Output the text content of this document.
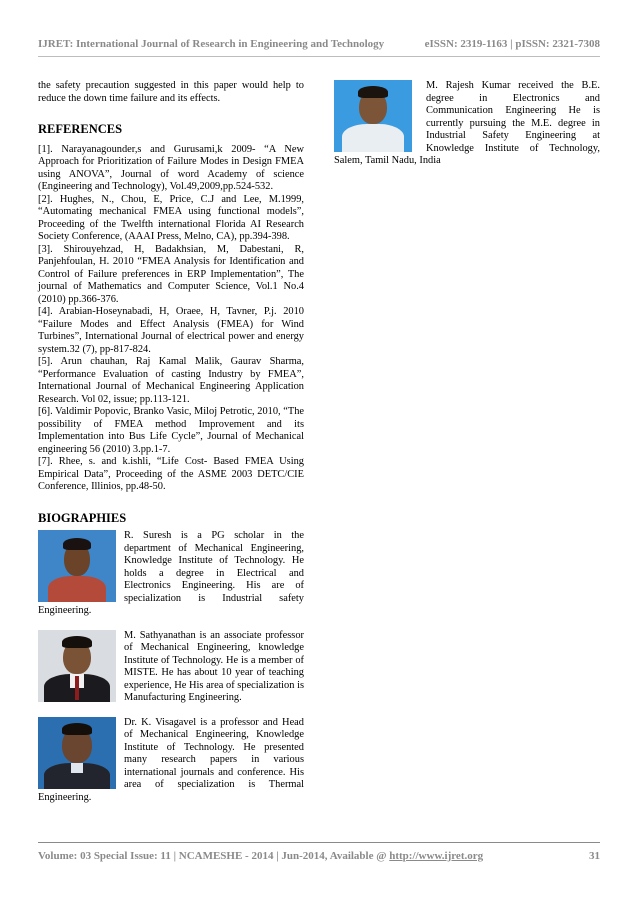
IJRET: International Journal of Research in Engineering and Technology	eISSN: 2319-1163 | pISSN: 2321-7308

the safety precaution suggested in this paper would help to reduce the down time failure and its effects.

REFERENCES

[1]. Narayanagounder,s and Gurusami,k 2009- “A New Approach for Prioritization of Failure Modes in Design FMEA using ANOVA”, Journal of word Academy of science (Engineering and Technology), Vol.49,2009,pp.524-532.

[2]. Hughes, N., Chou, E, Price, C.J and Lee, M.1999, “Automating mechanical FMEA using functional models”, Proceeding of the Twelfth international Florida AI Research Society Conference, (AAAI Press, Melno, CA), pp.394-398.

[3]. Shirouyehzad, H, Badakhsian, M, Dabestani, R, Panjehfoulan, H. 2010 “FMEA Analysis for Identification and Control of Failure preferences in ERP Implementation”, The journal of Mathematics and Computer Science, Vol.1 No.4 (2010) pp.366-376.

[4]. Arabian-Hoseynabadi, H, Oraee, H, Tavner, P.j. 2010 “Failure Modes and Effect Analysis (FMEA) for Wind Turbines”, International Journal of electrical power and energy system.32 (7), pp-817-824.

[5]. Arun chauhan, Raj Kamal Malik, Gaurav Sharma, “Performance Evaluation of casting Industry by FMEA”, International Journal of Mechanical Engineering Application Research. Vol 02, issue; pp.113-121.

[6]. Valdimir Popovic, Branko Vasic, Miloj Petrotic, 2010, “The possibility of FMEA method Improvement and its Implementation into Bus Life Cycle”, Journal of Mechanical engineering 56 (2010) 3.pp.1-7.

[7]. Rhee, s. and k.ishli, “Life Cost- Based FMEA Using Empirical Data”, Proceeding of the ASME 2003 DETC/CIE Conference, Illinios, pp.48-50.

BIOGRAPHIES

R. Suresh is a PG scholar in the department of Mechanical Engineering, Knowledge Institute of Technology. He holds a degree in Electrical and Electronics Engineering. His are of specialization is Industrial safety Engineering.

M. Sathyanathan is an associate professor of Mechanical Engineering, knowledge Institute of Technology. He is a member of MISTE. He has about 10 year of teaching experience, He His area of specialization is Manufacturing Engineering.

Dr. K. Visagavel is a professor and Head of Mechanical Engineering, Knowledge Institute of Technology. He presented many research papers in various international journals and conference. His area of specialization is Thermal Engineering.

M. Rajesh Kumar received the B.E. degree in Electronics and Communication Engineering He is currently pursuing the M.E. degree in Industrial Safety Engineering at Knowledge Institute of Technology, Salem, Tamil Nadu, India

Volume: 03 Special Issue: 11 | NCAMESHE - 2014 | Jun-2014, Available @ http://www.ijret.org	31
